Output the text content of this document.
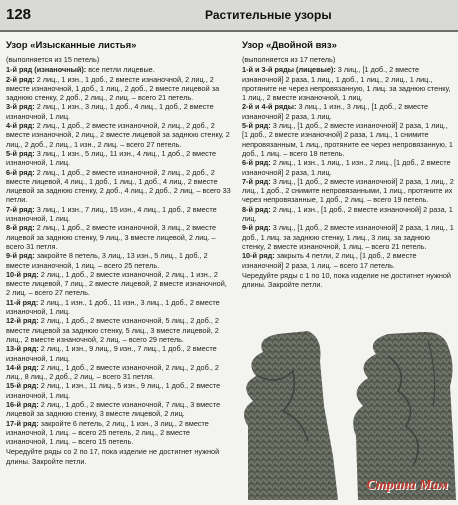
128	Растительные узоры
Узор «Изысканные листья»
(выполняется из 15 петель)
1-й ряд (изнаночный): все петли лицевые.
2-й ряд: 2 лиц., 1 изн., 1 доб., 2 вместе изнаночной, 2 лиц., 2 вместе изнаночной, 1 доб., 1 лиц., 2 доб., 2 вместе лицевой за заднюю стенку, 2 доб., 2 лиц., 2 лиц. – всего 21 петель.
3-й ряд: 2 лиц., 1 изн., 3 лиц., 1 доб., 4 лиц., 1 доб., 2 вместе изнаночной, 1 лиц.
4-й ряд: 2 лиц., 1 доб., 2 вместе изнаночной, 2 лиц., 2 доб., 2 вместе изнаночной, 2 лиц., 2 вместе лицевой за заднюю стенку, 2 лиц., 2 доб., 2 лиц., 1 изн., 2 лиц. – всего 27 петель.
5-й ряд: 3 лиц., 1 изн., 5 лиц., 11 изн., 4 лиц., 1 доб., 2 вместе изнаночной, 1 лиц.
6-й ряд: 2 лиц., 1 доб., 2 вместе изнаночной, 2 лиц., 2 доб., 2 вместе лицевой, 4 лиц., 1 доб., 1 лиц., 1 доб., 4 лиц., 2 вместе лицевой за заднюю стенку, 2 доб., 4 лиц., 2 доб., 2 лиц. – всего 33 петли.
7-й ряд: 3 лиц., 1 изн., 7 лиц., 15 изн., 4 лиц., 1 доб., 2 вместе изнаночной, 1 лиц.
8-й ряд: 2 лиц., 1 доб., 2 вместе изнаночной, 3 лиц., 2 вместе лицевой за заднюю стенку, 9 лиц., 3 вместе лицевой, 2 лиц. – всего 31 петля.
9-й ряд: закройте 8 петель, 3 лиц., 13 изн., 5 лиц., 1 доб., 2 вместе изнаночной, 1 лиц. – всего 25 петель.
10-й ряд: 2 лиц., 1 доб., 2 вместе изнаночной, 2 лиц., 1 изн., 2 вместе лицевой, 7 лиц., 2 вместе лицевой, 2 вместе изнаночной, 2 лиц. – всего 27 петель.
11-й ряд: 2 лиц., 1 изн., 1 доб., 11 изн., 3 лиц., 1 доб., 2 вместе изнаночной, 1 лиц.
12-й ряд: 2 лиц., 1 доб., 2 вместе изнаночной, 5 лиц., 2 доб., 2 вместе лицевой за заднюю стенку, 5 лиц., 3 вместе лицевой, 2 лиц., 2 вместе изнаночной, 2 лиц. – всего 29 петель.
13-й ряд: 2 лиц., 1 изн., 9 лиц., 9 изн., 7 лиц., 1 доб., 2 вместе изнаночной, 1 лиц.
14-й ряд: 2 лиц., 1 доб., 2 вместе изнаночной, 2 лиц., 2 доб., 2 лиц., 8 лиц., 2 доб., 2 лиц. – всего 31 петля.
15-й ряд: 2 лиц., 1 изн., 11 лиц., 5 изн., 9 лиц., 1 доб., 2 вместе изнаночной, 1 лиц.
16-й ряд: 2 лиц., 1 доб., 2 вместе изнаночной, 7 лиц., 3 вместе лицевой за заднюю стенку, 3 вместе лицевой, 2 лиц.
17-й ряд: закройте 6 петель, 2 лиц., 1 изн., 3 лиц., 2 вместе изнаночной, 1 лиц. – всего 25 петель, 2 лиц., 2 вместе изнаночной, 1 лиц. – всего 15 петель.
Чередуйте ряды со 2 по 17, пока изделие не достигнет нужной длины. Закройте петли.
Узор «Двойной вяз»
(выполняется из 17 петель)
1-й и 3-й ряды (лицевые): 3 лиц., [1 доб., 2 вместе изнаночной] 2 раза, 1 лиц., 1 доб., 1 лиц., 2 лиц., 1 лиц., протяните не через непровязанную, 1 лиц. за заднюю стенку, 1 лиц., 2 вместе изнаночной, 1 лиц.
2-й и 4-й ряды: 3 лиц., 1 изн., 3 лиц., [1 доб., 2 вместе изнаночной] 2 раза, 1 лиц.
5-й ряд: 3 лиц., [1 доб., 2 вместе изнаночной] 2 раза, 1 лиц., [1 доб., 2 вместе изнаночной] 2 раза, 1 лиц., 1 снимите непровязанным, 1 лиц., протяните ее через непровязанную, 1 доб., 1 лиц. – всего 18 петель.
6-й ряд: 2 лиц., 1 изн., 1 лиц., 1 изн., 2 лиц., [1 доб., 2 вместе изнаночной] 2 раза, 1 лиц.
7-й ряд: 3 лиц., [1 доб., 2 вместе изнаночной] 2 раза, 1 лиц., 2 лиц., 1 доб., 2 снимите непровязанными, 1 лиц., протяните их через непровязанные, 1 доб., 2 лиц. – всего 19 петель.
8-й ряд: 2 лиц., 1 изн., [1 доб., 2 вместе изнаночной] 2 раза, 1 лиц.
9-й ряд: 3 лиц., [1 доб., 2 вместе изнаночной] 2 раза, 1 лиц., 1 доб., 1 лиц. за заднюю стенку, 1 лиц., 3 лиц. за заднюю стенку, 2 вместе изнаночной, 1 лиц. – всего 21 петель.
10-й ряд: закрыть 4 петли, 2 лиц., [1 доб., 2 вместе изнаночной] 2 раза, 1 лиц. – всего 17 петель.
Чередуйте ряды с 1 по 10, пока изделие не достигнет нужной длины. Закройте петли.
Страна Мам
